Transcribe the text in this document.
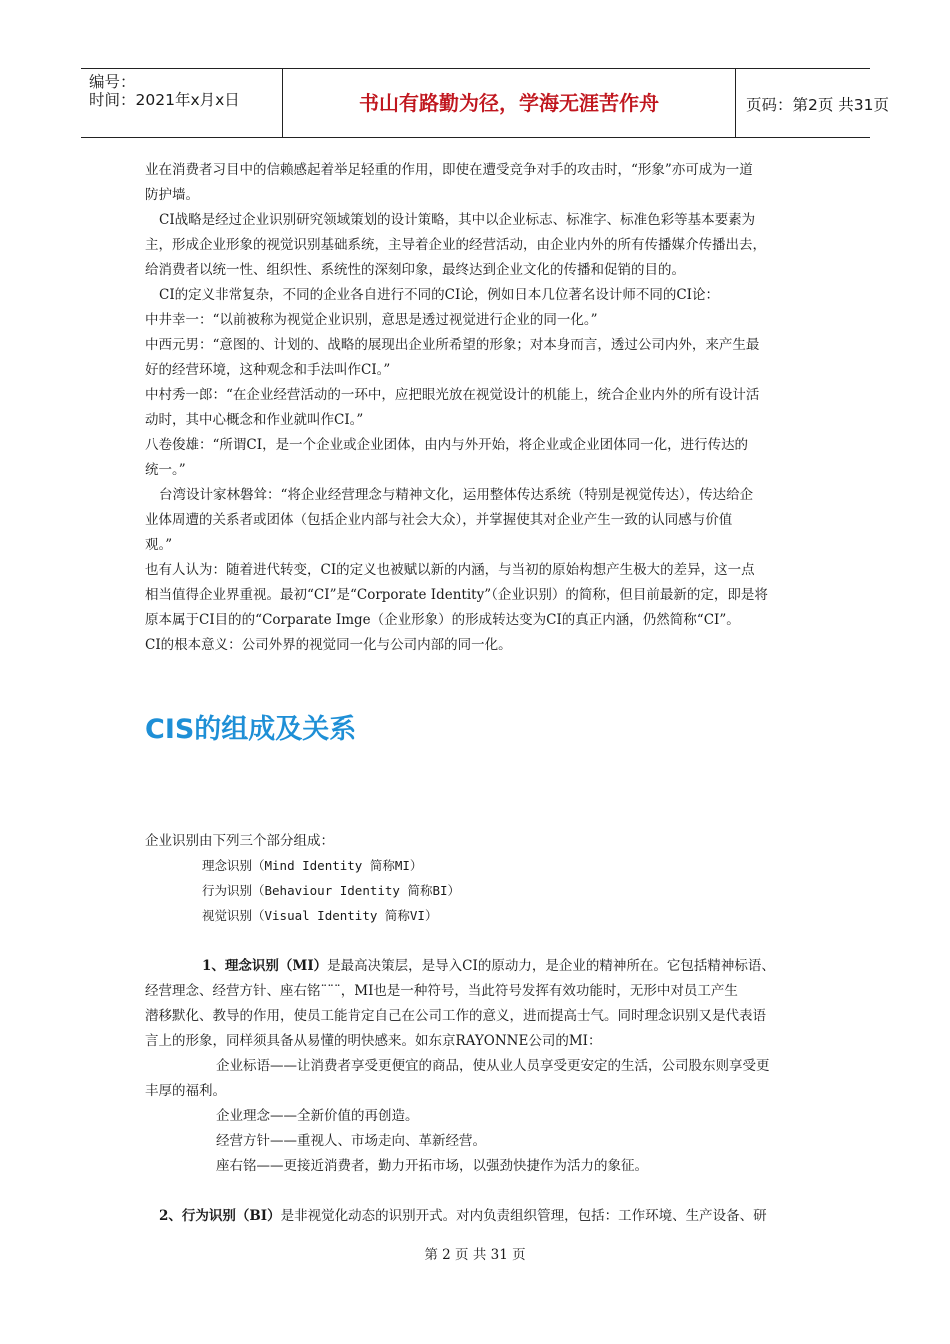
编号：
时间：2021年x月x日	书山有路勤为径，学海无涯苦作舟	页码：第2页 共31页
业在消费者习目中的信赖感起着举足轻重的作用，即使在遭受竞争对手的攻击时，“形象”亦可成为一道
防护墙。
CI战略是经过企业识别研究领域策划的设计策略，其中以企业标志、标准字、标准色彩等基本要素为
主，形成企业形象的视觉识别基础系统，主导着企业的经营活动，由企业内外的所有传播媒介传播出去，
给消费者以统一性、组织性、系统性的深刻印象，最终达到企业文化的传播和促销的目的。
CI的定义非常复杂，不同的企业各自进行不同的CI论，例如日本几位著名设计师不同的CI论：
中井幸一：“以前被称为视觉企业识别，意思是透过视觉进行企业的同一化。”
中西元男：“意图的、计划的、战略的展现出企业所希望的形象；对本身而言，透过公司内外，来产生最
好的经营环境，这种观念和手法叫作CI。”
中村秀一郎：“在企业经营活动的一环中，应把眼光放在视觉设计的机能上，统合企业内外的所有设计活
动时，其中心概念和作业就叫作CI。”
八卷俊雄：“所谓CI，是一个企业或企业团体，由内与外开始，将企业或企业团体同一化，进行传达的
统一。”
台湾设计家林磐耸：“将企业经营理念与精神文化，运用整体传达系统（特别是视觉传达），传达给企
业体周遭的关系者或团体（包括企业内部与社会大众），并掌握使其对企业产生一致的认同感与价值
观。”
也有人认为：随着进代转变，CI的定义也被赋以新的内涵，与当初的原始构想产生极大的差异，这一点
相当值得企业界重视。最初“CI”是“Corporate Identity”（企业识别）的简称，但目前最新的定，即是将
原本属于CI目的的“Corparate Imge（企业形象）的形成转达变为CI的真正内涵，仍然简称“CI”。
CI的根本意义：公司外界的视觉同一化与公司内部的同一化。
CIS的组成及关系
企业识别由下列三个部分组成：
理念识别（Mind Identity 简称MI）
行为识别（Behaviour Identity 简称BI）
视觉识别（Visual Identity 简称VI）
1、理念识别（MI）是最高决策层，是导入CI的原动力，是企业的精神所在。它包括精神标语、
经营理念、经营方针、座右铭¨¨¨，MI也是一种符号，当此符号发挥有效功能时，无形中对员工产生
潜移默化、教导的作用，使员工能肯定自己在公司工作的意义，进而提高士气。同时理念识别又是代表语
言上的形象，同样须具备从易懂的明快感来。如东京RAYONNE公司的MI：
企业标语——让消费者享受更便宜的商品，使从业人员享受更安定的生活，公司股东则享受更
丰厚的福利。
企业理念——全新价值的再创造。
经营方针——重视人、市场走向、革新经营。
座右铭——更接近消费者，勤力开拓市场，以强劲快捷作为活力的象征。
2、行为识别（BI）是非视觉化动态的识别开式。对内负责组织管理，包括：工作环境、生产设备、研
第 2 页 共 31 页
